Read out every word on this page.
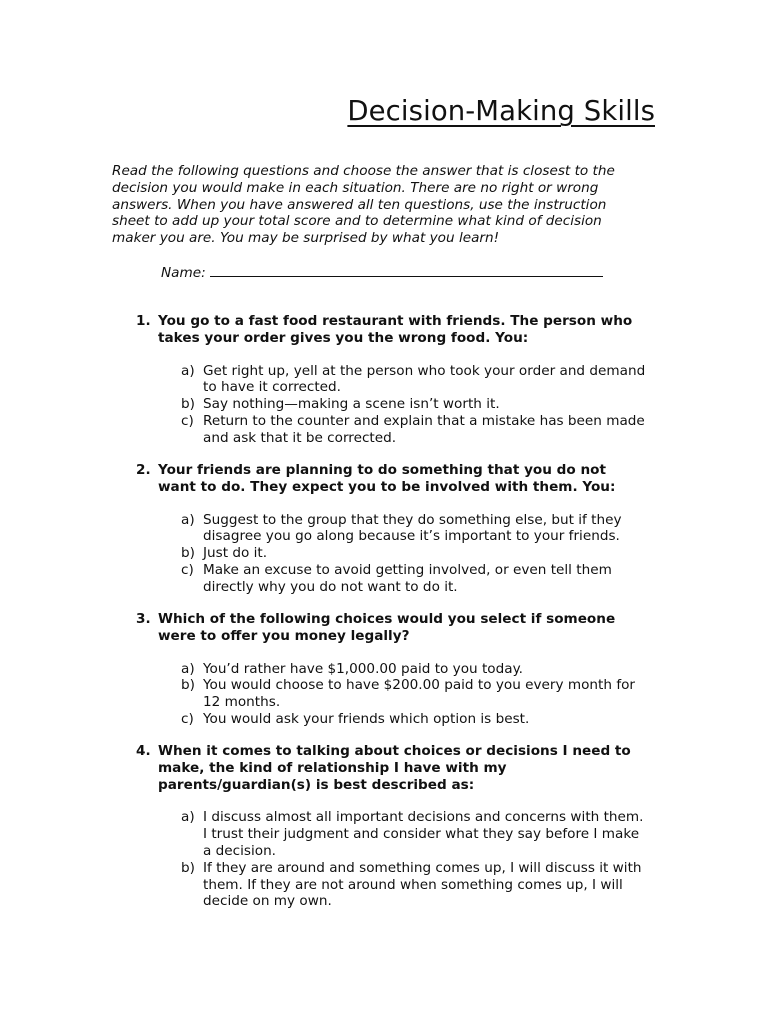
Decision-Making Skills
Read the following questions and choose the answer that is closest to the
decision you would make in each situation. There are no right or wrong
answers. When you have answered all ten questions, use the instruction
sheet to add up your total score and to determine what kind of decision
maker you are. You may be surprised by what you learn!
Name:
1. You go to a fast food restaurant with friends. The person who
takes your order gives you the wrong food. You:
a) Get right up, yell at the person who took your order and demand
to have it corrected.
b) Say nothing—making a scene isn’t worth it.
c) Return to the counter and explain that a mistake has been made
and ask that it be corrected.
2. Your friends are planning to do something that you do not
want to do. They expect you to be involved with them. You:
a) Suggest to the group that they do something else, but if they
disagree you go along because it’s important to your friends.
b) Just do it.
c) Make an excuse to avoid getting involved, or even tell them
directly why you do not want to do it.
3. Which of the following choices would you select if someone
were to offer you money legally?
a) You’d rather have $1,000.00 paid to you today.
b) You would choose to have $200.00 paid to you every month for
12 months.
c) You would ask your friends which option is best.
4. When it comes to talking about choices or decisions I need to
make, the kind of relationship I have with my
parents/guardian(s) is best described as:
a) I discuss almost all important decisions and concerns with them.
I trust their judgment and consider what they say before I make
a decision.
b) If they are around and something comes up, I will discuss it with
them. If they are not around when something comes up, I will
decide on my own.
